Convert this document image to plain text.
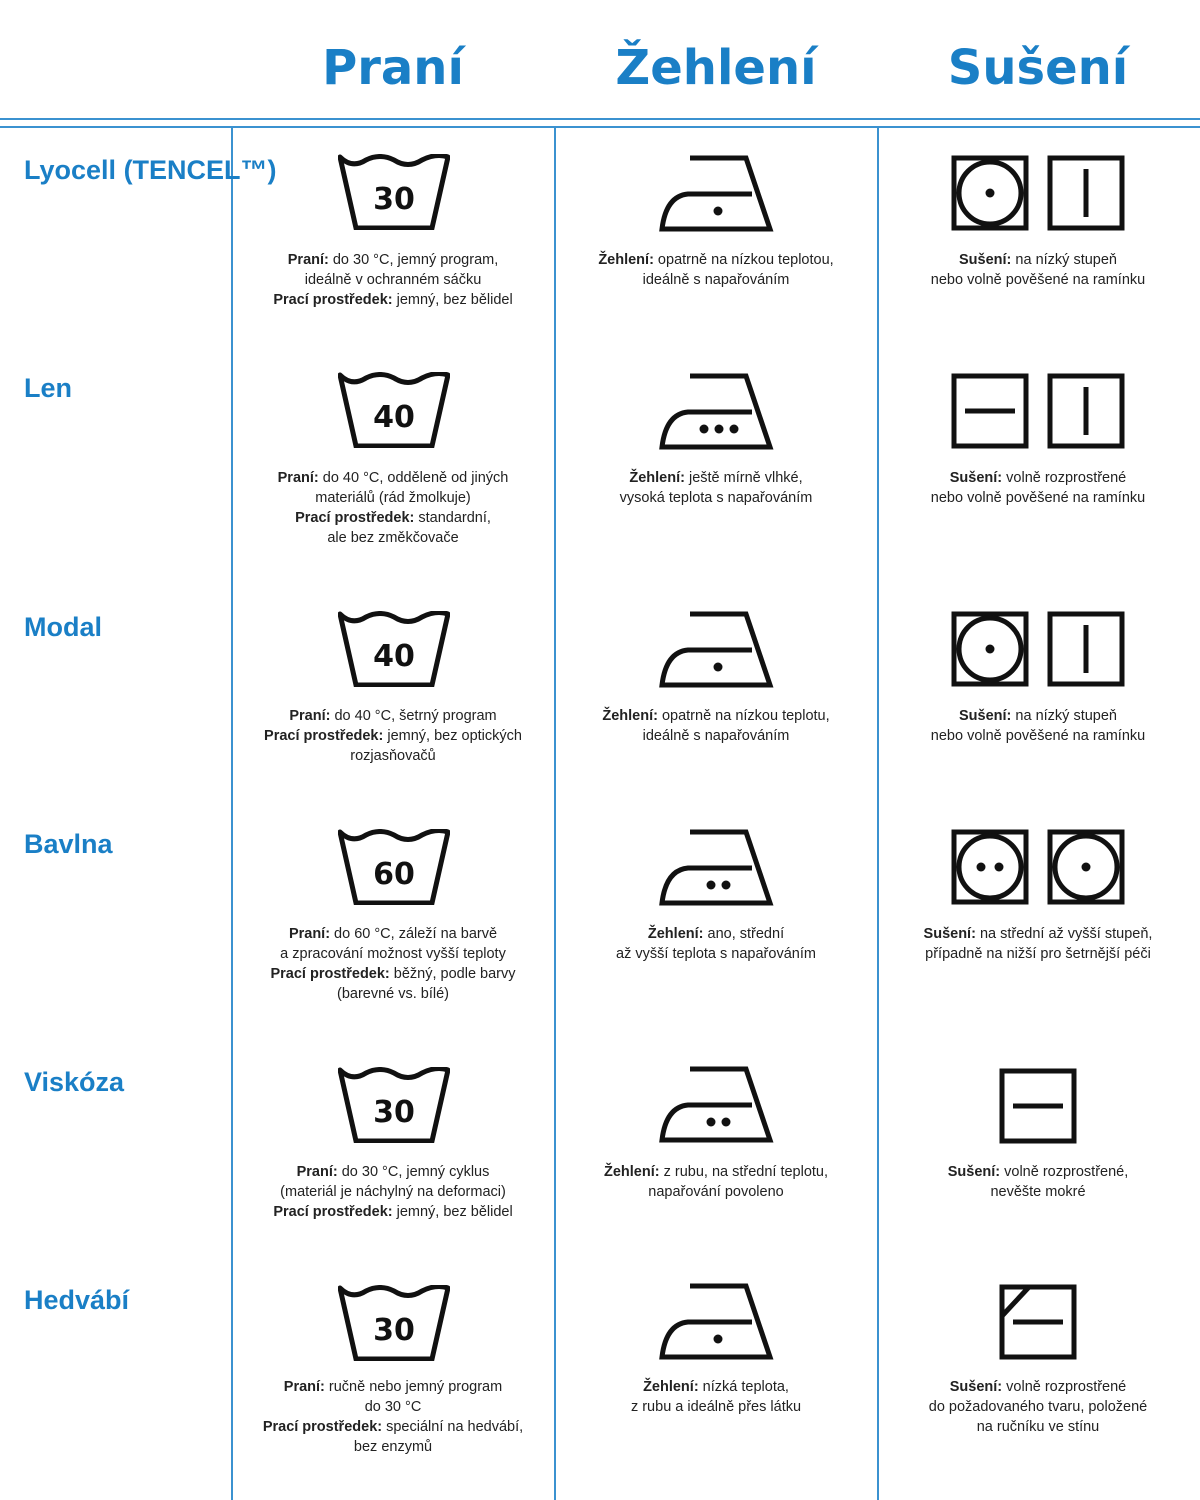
Praní	Žehlení	Sušení
Lyocell (TENCEL™)
30
Praní: do 30 °C, jemný program,
ideálně v ochranném sáčku
Prací prostředek: jemný, bez bělidel
Žehlení: opatrně na nízkou teplotou,
ideálně s napařováním
Sušení: na nízký stupeň
nebo volně pověšené na ramínku
Len
40
Praní: do 40 °C, odděleně od jiných
materiálů (rád žmolkuje)
Prací prostředek: standardní,
ale bez změkčovače
Žehlení: ještě mírně vlhké,
vysoká teplota s napařováním
Sušení: volně rozprostřené
nebo volně pověšené na ramínku
Modal
40
Praní: do 40 °C, šetrný program
Prací prostředek: jemný, bez optických
rozjasňovačů
Žehlení: opatrně na nízkou teplotu,
ideálně s napařováním
Sušení: na nízký stupeň
nebo volně pověšené na ramínku
Bavlna
60
Praní: do 60 °C, záleží na barvě
a zpracování možnost vyšší teploty
Prací prostředek: běžný, podle barvy
(barevné vs. bílé)
Žehlení: ano, střední
až vyšší teplota s napařováním
Sušení: na střední až vyšší stupeň,
případně na nižší pro šetrnější péči
Viskóza
30
Praní: do 30 °C, jemný cyklus
(materiál je náchylný na deformaci)
Prací prostředek: jemný, bez bělidel
Žehlení: z rubu, na střední teplotu,
napařování povoleno
Sušení: volně rozprostřené,
nevěšte mokré
Hedvábí
30
Praní: ručně nebo jemný program
do 30 °C
Prací prostředek: speciální na hedvábí,
bez enzymů
Žehlení: nízká teplota,
z rubu a ideálně přes látku
Sušení: volně rozprostřené
do požadovaného tvaru, položené
na ručníku ve stínu
